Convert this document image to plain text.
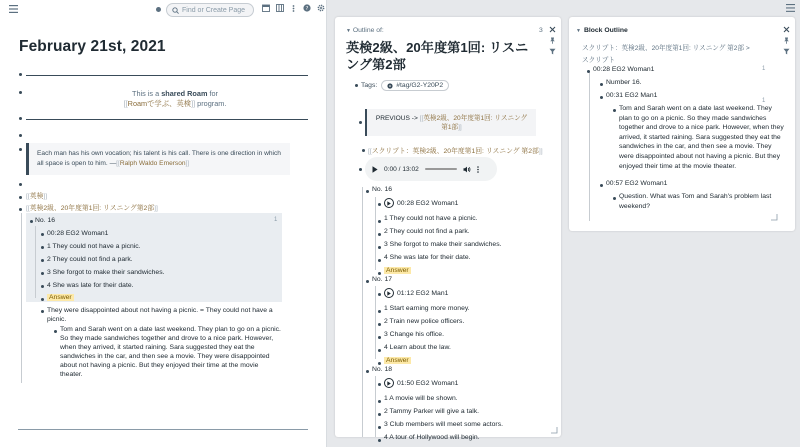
Find or Create Page	?
February 21st, 2021
This is a shared Roam for
[[Roamで学ぶ、英検]] program.
Each man has his own vocation; his talent is his call. There is one direction in which all space is open to him. —[[Ralph Waldo Emerson]]
[[英検]]
[[英検2級、20年度第1回: リスニング第2部]]
No. 16	1
00:28 EG2 Woman1
1 They could not have a picnic.
2 They could not find a park.
3 She forgot to make their sandwiches.
4 She was late for their date.
Answer
They were disappointed about not having a picnic. = They could not have a picnic.
Tom and Sarah went on a date last weekend. They plan to go on a picnic. So they made sandwiches together and drove to a nice park. However, when they arrived, it started raining. Sara suggested they eat the sandwiches in the car, and then see a movie. They were disappointed about not having a picnic. But they enjoyed their time at the movie theater.
▼ Outline of:	3
英検2級、20年度第1回: リスニング第2部
Tags:	#tag/G2-Y20P2
PREVIOUS -> [[英検2級、20年度第1回: リスニング第1部]]
[[スクリプト：英検2級、20年度第1回: リスニング 第2部]]
0:00 / 13:02
No. 16
00:28 EG2 Woman1
1 They could not have a picnic.
2 They could not find a park.
3 She forgot to make their sandwiches.
4 She was late for their date.
Answer
No. 17
01:12 EG2 Man1
1 Start earning more money.
2 Train new police officers.
3 Change his office.
4 Learn about the law.
Answer
No. 18
01:50 EG2 Woman1
1 A movie will be shown.
2 Tammy Parker will give a talk.
3 Club members will meet some actors.
4 A tour of Hollywood will begin.
▼ Block Outline
スクリプト：英検2級、20年度第1回: リスニング 第2部 >
スクリプト
00:28 EG2 Woman1	1
Number 16.
00:31 EG2 Man1
1
Tom and Sarah went on a date last weekend. They plan to go on a picnic. So they made sandwiches together and drove to a nice park. However, when they arrived, it started raining. Sara suggested they eat the sandwiches in the car, and then see a movie. They were disappointed about not having a picnic. But they enjoyed their time at the movie theater.
00:57 EG2 Woman1
Question. What was Tom and Sarah's problem last weekend?
